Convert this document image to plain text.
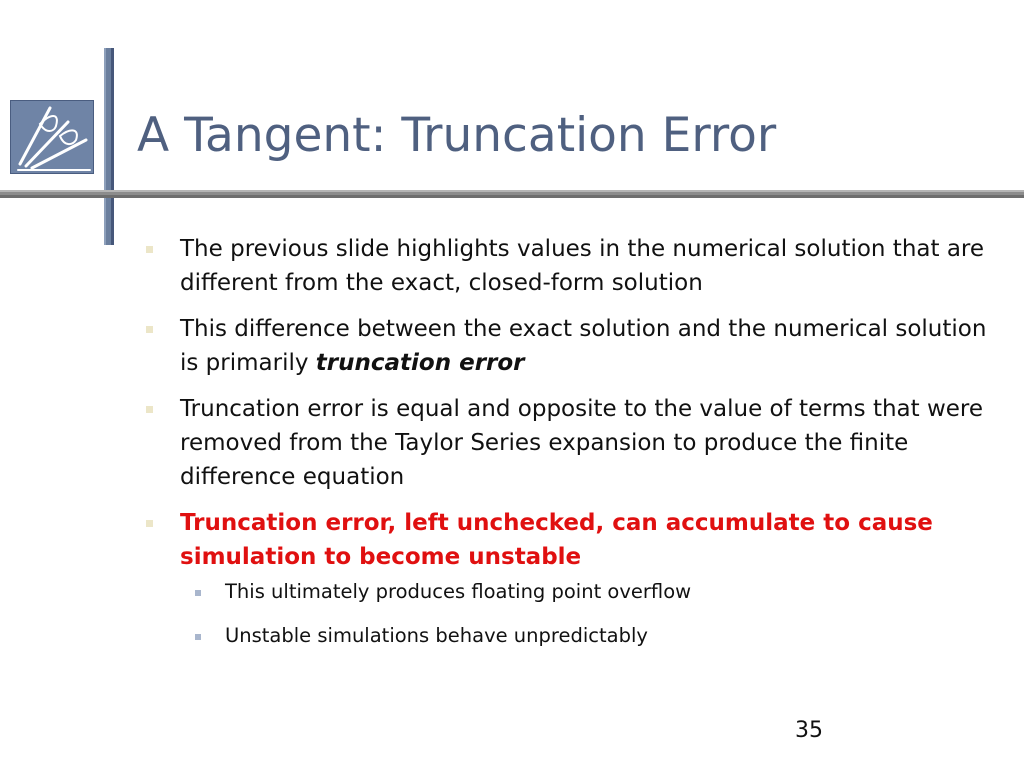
A Tangent: Truncation Error
The previous slide highlights values in the numerical solution that are different from the exact, closed-form solution
This difference between the exact solution and the numerical solution is primarily truncation error
Truncation error is equal and opposite to the value of terms that were removed from the Taylor Series expansion to produce the finite difference equation
Truncation error, left unchecked, can accumulate to cause simulation to become unstable
This ultimately produces floating point overflow
Unstable simulations behave unpredictably
35
